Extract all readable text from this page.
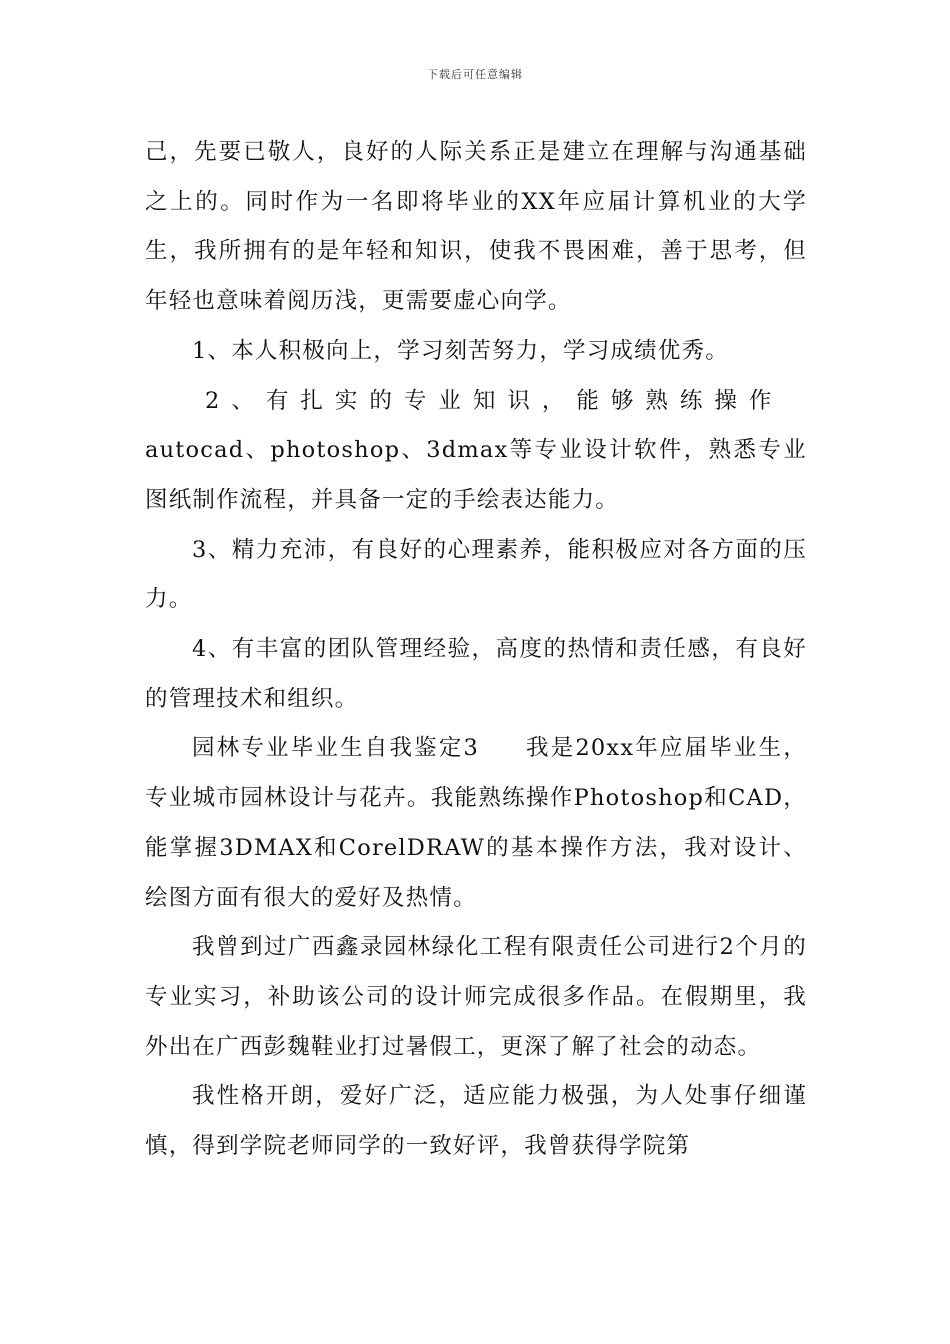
下载后可任意编辑

己，先要已敬人，良好的人际关系正是建立在理解与沟通基础之上的。同时作为一名即将毕业的XX年应届计算机业的大学生，我所拥有的是年轻和知识，使我不畏困难，善于思考，但年轻也意味着阅历浅，更需要虚心向学。

1、本人积极向上，学习刻苦努力，学习成绩优秀。

2、有扎实的专业知识，能够熟练操作

autocad、photoshop、3dmax等专业设计软件，熟悉专业图纸制作流程，并具备一定的手绘表达能力。

3、精力充沛，有良好的心理素养，能积极应对各方面的压力。

4、有丰富的团队管理经验，高度的热情和责任感，有良好的管理技术和组织。

园林专业毕业生自我鉴定3 我是20xx年应届毕业生，专业城市园林设计与花卉。我能熟练操作Photoshop和CAD，能掌握3DMAX和CorelDRAW的基本操作方法，我对设计、绘图方面有很大的爱好及热情。

我曾到过广西鑫录园林绿化工程有限责任公司进行2个月的专业实习，补助该公司的设计师完成很多作品。在假期里，我外出在广西彭魏鞋业打过暑假工，更深了解了社会的动态。

我性格开朗，爱好广泛，适应能力极强，为人处事仔细谨慎，得到学院老师同学的一致好评，我曾获得学院第
